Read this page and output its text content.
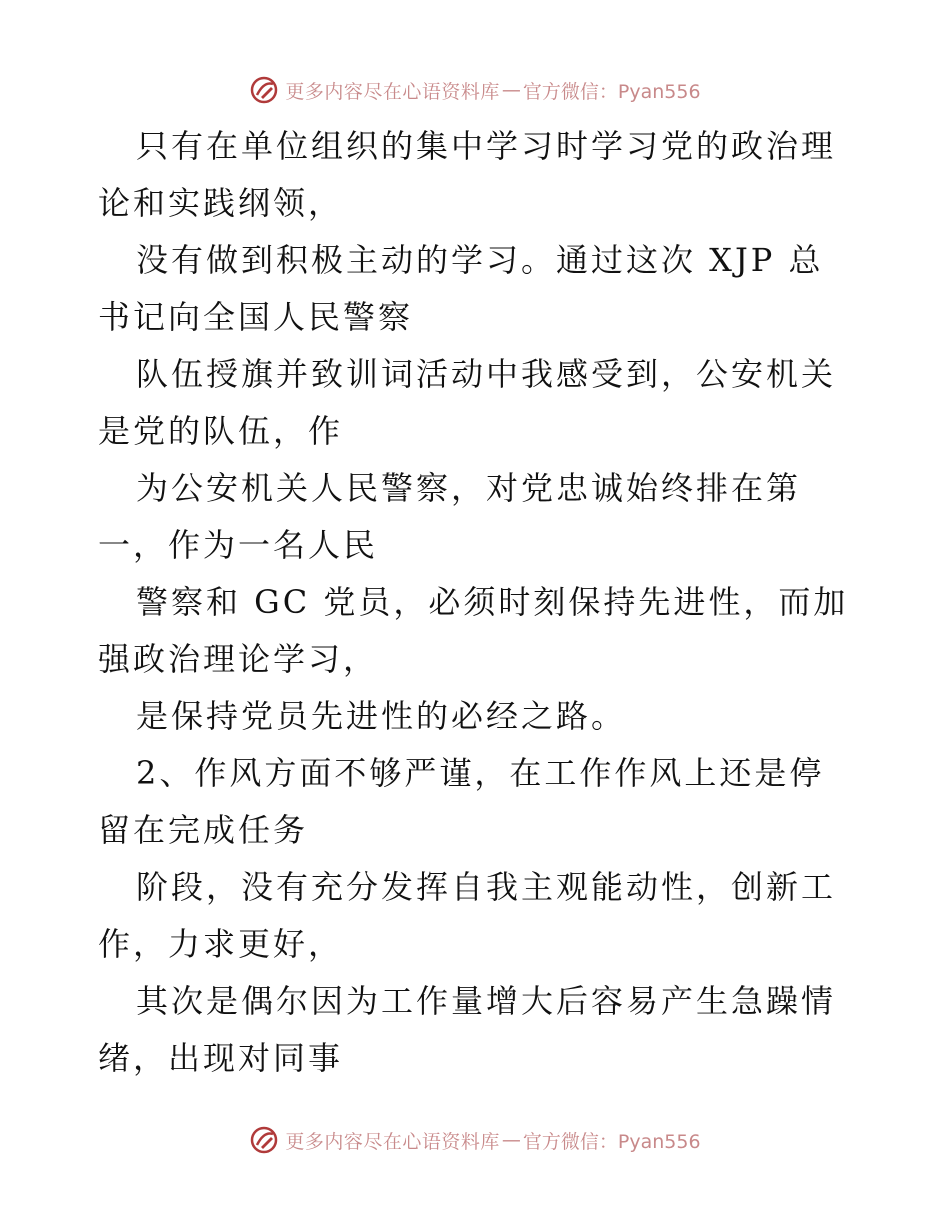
更多内容尽在心语资料库 — 官方微信：Pyan556

只有在单位组织的集中学习时学习党的政治理论和实践纲领，

没有做到积极主动的学习。通过这次 XJP 总书记向全国人民警察

队伍授旗并致训词活动中我感受到，公安机关是党的队伍，作

为公安机关人民警察，对党忠诚始终排在第一，作为一名人民

警察和 GC 党员，必须时刻保持先进性，而加强政治理论学习，

是保持党员先进性的必经之路。

2、作风方面不够严谨，在工作作风上还是停留在完成任务

阶段，没有充分发挥自我主观能动性，创新工作，力求更好，

其次是偶尔因为工作量增大后容易产生急躁情绪，出现对同事

更多内容尽在心语资料库 — 官方微信：Pyan556
